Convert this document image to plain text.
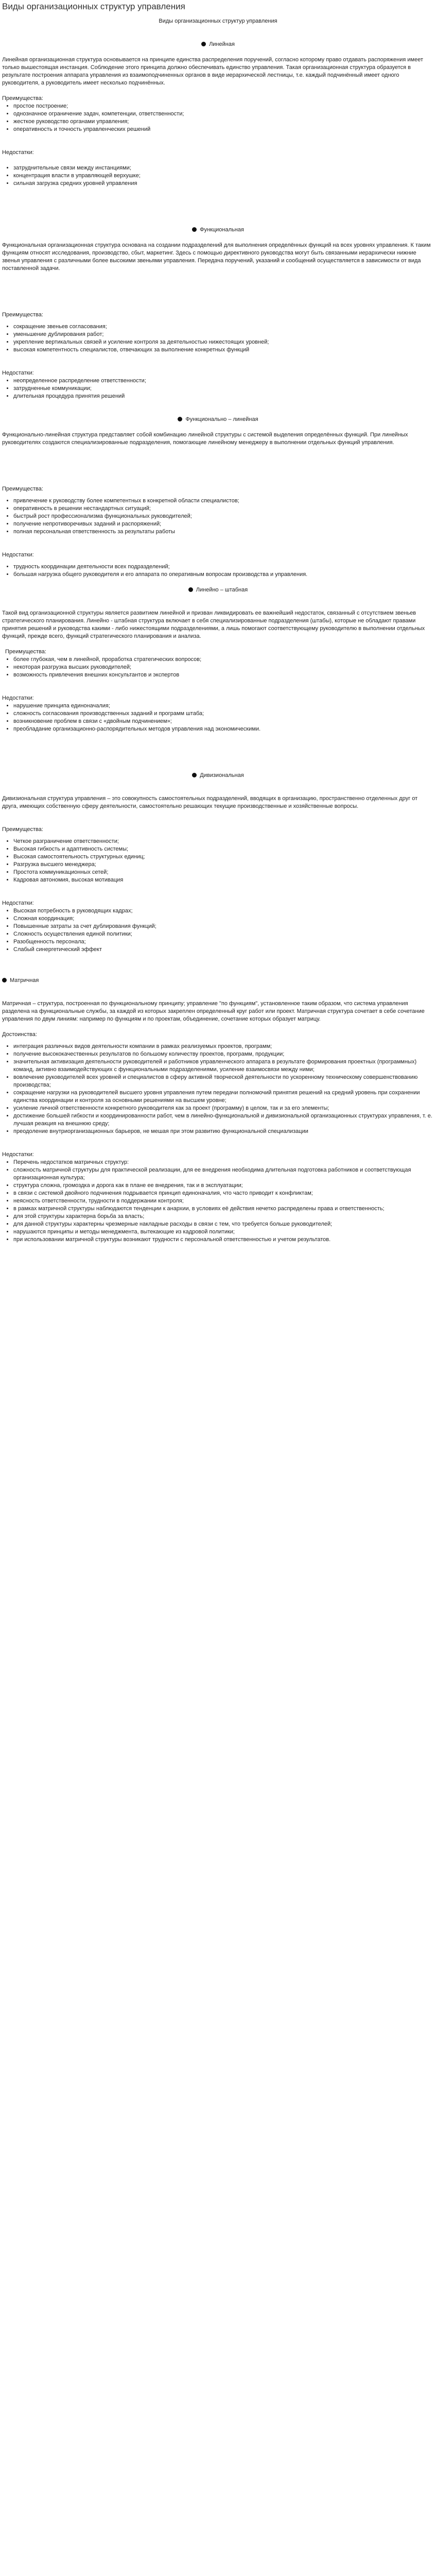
Виды организационных структур управления

Виды организационных структур управления

Линейная

Линейная организационная структура основывается на принципе единства распределения поручений, согласно которому право отдавать распоряжения имеет только вышестоящая инстанция. Соблюдение этого принципа должно обеспечивать единство управления. Такая организационная структура образуется в результате построения аппарата управления из взаимоподчиненных органов в виде иерархической лестницы, т.е. каждый подчинённый имеет одного руководителя, а руководитель имеет несколько подчинённых.

Преимущества:

• простое построение;
• однозначное ограничение задач, компетенции, ответственности;
• жесткое руководство органами управления;
• оперативность и точность управленческих решений

Недостатки:

• затруднительные связи между инстанциями;
• концентрация власти в управляющей верхушке;
• сильная загрузка средних уровней управления
Функциональная

Функциональная организационная структура основана на создании подразделений для выполнения определённых функций на всех уровнях управления. К таким функциям относят исследования, производство, сбыт, маркетинг. Здесь с помощью директивного руководства могут быть связанными иерархически нижние звенья управления с различными более высокими звеньями управления. Передача поручений, указаний и сообщений осуществляется в зависимости от вида поставленной задачи.

Преимущества:

• сокращение звеньев согласования;
• уменьшение дублирования работ;
• укрепление вертикальных связей и усиление контроля за деятельностью нижестоящих уровней;
• высокая компетентность специалистов, отвечающих за выполнение конкретных функций

Недостатки:

• неопределенное распределение ответственности;
• затрудненные коммуникации;
• длительная процедура принятия решений
Функционально – линейная

Функционально-линейная структура представляет собой комбинацию линейной структуры с системой выделения определённых функций. При линейных руководителях создаются специализированные подразделения, помогающие линейному менеджеру в выполнении отдельных функций управления.

Преимущества:

• привлечение к руководству более компетентных в конкретной области специалистов;
• оперативность в решении нестандартных ситуаций;
• быстрый рост профессионализма функциональных руководителей;
• получение непротиворечивых заданий и распоряжений;
• полная персональная ответственность за результаты работы

Недостатки:

• трудность координации деятельности всех подразделений;
• большая нагрузка общего руководителя и его аппарата по оперативным вопросам производства и управления.
Линейно – штабная

Такой вид организационной структуры является развитием линейной и призван ликвидировать ее важнейший недостаток, связанный с отсутствием звеньев стратегического планирования. Линейно - штабная структура включает в себя специализированные подразделения (штабы), которые не обладают правами принятия решений и руководства какими - либо нижестоящими подразделениями, а лишь помогают соответствующему руководителю в выполнении отдельных функций, прежде всего, функций стратегического планирования и анализа.

Преимущества:

• более глубокая, чем в линейной, проработка стратегических вопросов;
• некоторая разгрузка высших руководителей;
• возможность привлечения внешних консультантов и экспертов

Недостатки:

• нарушение принципа единоначалия;
• сложность согласования производственных заданий и программ штаба;
• возникновение проблем в связи с «двойным подчинением»;
• преобладание организационно-распорядительных методов управления над экономическими.
Дивизиональная

Дивизиональная структура управления – это совокупность самостоятельных подразделений, вводящих в организацию, пространственно отделенных друг от друга, имеющих собственную сферу деятельности, самостоятельно решающих текущие производственные и хозяйственные вопросы.

Преимущества:

• Четкое разграничение ответственности;
• Высокая гибкость и адаптивность системы;
• Высокая самостоятельность структурных единиц;
• Разгрузка высшего менеджера;
• Простота коммуникационных сетей;
• Кадровая автономия, высокая мотивация

Недостатки:

• Высокая потребность в руководящих кадрах;
• Сложная координация;
• Повышенные затраты за счет дублирования функций;
• Сложность осуществления единой политики;
• Разобщенность персонала;
• Слабый синергетический эффект
Матричная

Матричная – структура, построенная по функциональному принципу; управление "по функциям", установленное таким образом, что система управления разделена на функциональные службы, за каждой из которых закреплен определенный круг работ или проект. Матричная структура сочетает в себе сочетание управления по двум линиям: например по функциям и по проектам, объединение, сочетание которых образует матрицу.

Достоинства:

• интеграция различных видов деятельности компании в рамках реализуемых проектов, программ;
• получение высококачественных результатов по большому количеству проектов, программ, продукции;
• значительная активизация деятельности руководителей и работников управленческого аппарата в результате формирования проектных (программных) команд, активно взаимодействующих с функциональными подразделениями, усиление взаимосвязи между ними;
• вовлечение руководителей всех уровней и специалистов в сферу активной творческой деятельности по ускоренному техническому совершенствованию производства;
• сокращение нагрузки на руководителей высшего уровня управления путем передачи полномочий принятия решений на средний уровень при сохранении единства координации и контроля за основными решениями на высшем уровне;
• усиление личной ответственности конкретного руководителя как за проект (программу) в целом, так и за его элементы;
• достижение большей гибкости и координированности работ, чем в линейно-функциональной и дивизиональной организационных структурах управления, т. е. лучшая реакция на внешнюю среду;
• преодоление внутриорганизационных барьеров, не мешая при этом развитию функциональной специализации

Недостатки:

• Перечень недостатков матричных структур:
• сложность матричной структуры для практической реализации, для ее внедрения необходима длительная подготовка работников и соответствующая организационная культура;
• структура сложна, громоздка и дорога как в плане ее внедрения, так и в эксплуатации;
• в связи с системой двойного подчинения подрывается принцип единоначалия, что часто приводит к конфликтам;
• неясность ответственности, трудности в поддержании контроля;
• в рамках матричной структуры наблюдаются тенденции к анархии, в условиях её действия нечетко распределены права и ответственность;
• для этой структуры характерна борьба за власть;
• для данной структуры характерны чрезмерные накладные расходы в связи с тем, что требуется больше руководителей;
• нарушаются принципы и методы менеджмента, вытекающие из кадровой политики;
• при использовании матричной структуры возникают трудности с персональной ответственностью и учетом результатов.
